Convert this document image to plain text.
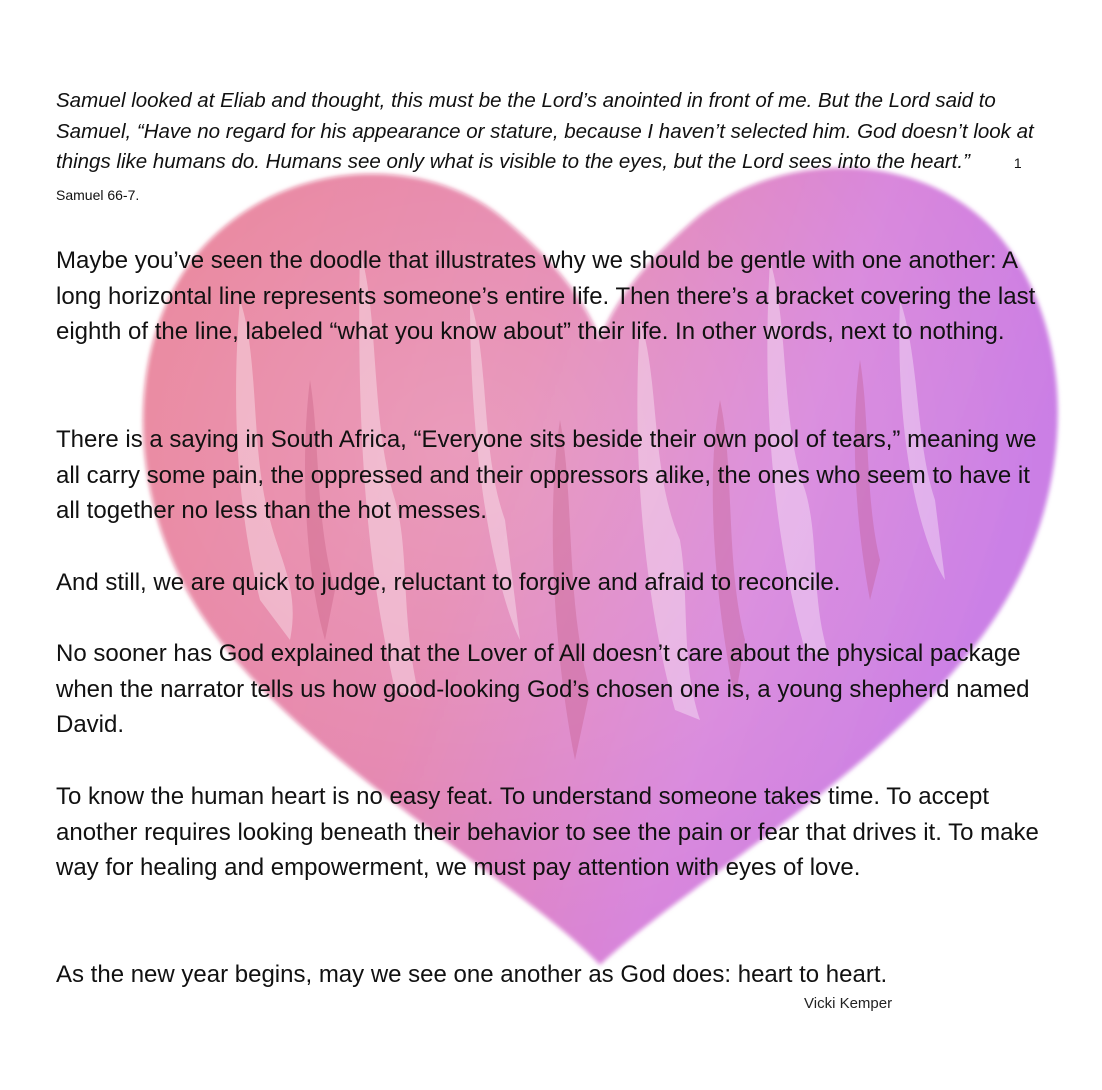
Samuel looked at Eliab and thought, this must be the Lord’s anointed in front of me. But the Lord said to Samuel, “Have no regard for his appearance or stature, because I haven’t selected him. God doesn’t look at things like humans do. Humans see only what is visible to the eyes, but the Lord sees into the heart.”	1 Samuel 66-7.

Maybe you’ve seen the doodle that illustrates why we should be gentle with one another: A long horizontal line represents someone’s entire life. Then there’s a bracket covering the last eighth of the line, labeled “what you know about” their life. In other words, next to nothing.

There is a saying in South Africa, “Everyone sits beside their own pool of tears,” meaning we all carry some pain, the oppressed and their oppressors alike, the ones who seem to have it all together no less than the hot messes.

And still, we are quick to judge, reluctant to forgive and afraid to reconcile.

No sooner has God explained that the Lover of All doesn’t care about the physical package when the narrator tells us how good-looking God’s chosen one is, a young shepherd named David.

To know the human heart is no easy feat. To understand someone takes time. To accept another requires looking beneath their behavior to see the pain or fear that drives it. To make way for healing and empowerment, we must pay attention with eyes of love.

As the new year begins, may we see one another as God does: heart to heart.

Vicki Kemper
